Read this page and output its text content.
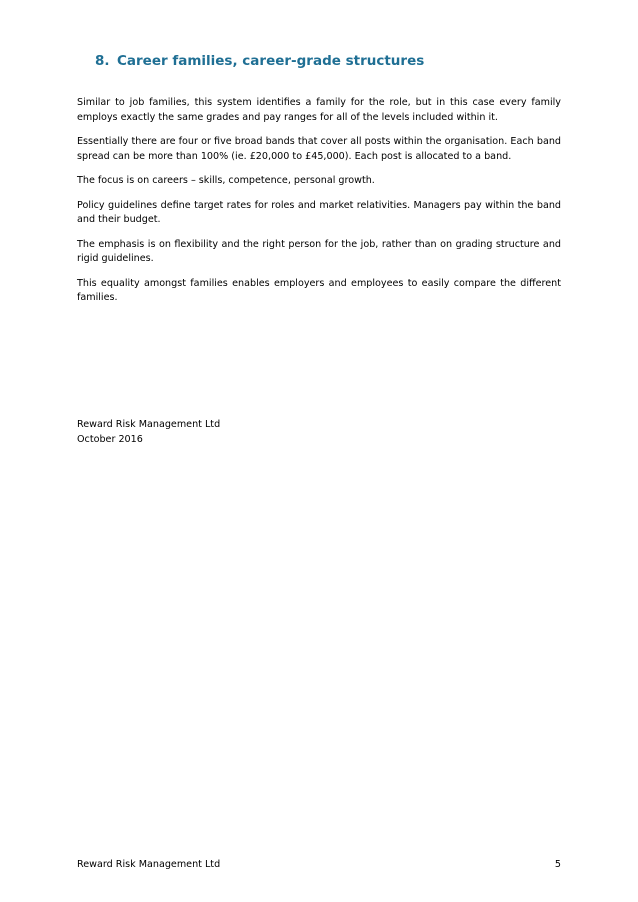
8. Career families, career-grade structures

Similar to job families, this system identifies a family for the role, but in this case every family employs exactly the same grades and pay ranges for all of the levels included within it.

Essentially there are four or five broad bands that cover all posts within the organisation. Each band spread can be more than 100% (ie. £20,000 to £45,000). Each post is allocated to a band.

The focus is on careers – skills, competence, personal growth.

Policy guidelines define target rates for roles and market relativities. Managers pay within the band and their budget.

The emphasis is on flexibility and the right person for the job, rather than on grading structure and rigid guidelines.

This equality amongst families enables employers and employees to easily compare the different families.

Reward Risk Management Ltd
October 2016
Reward Risk Management Ltd	5
